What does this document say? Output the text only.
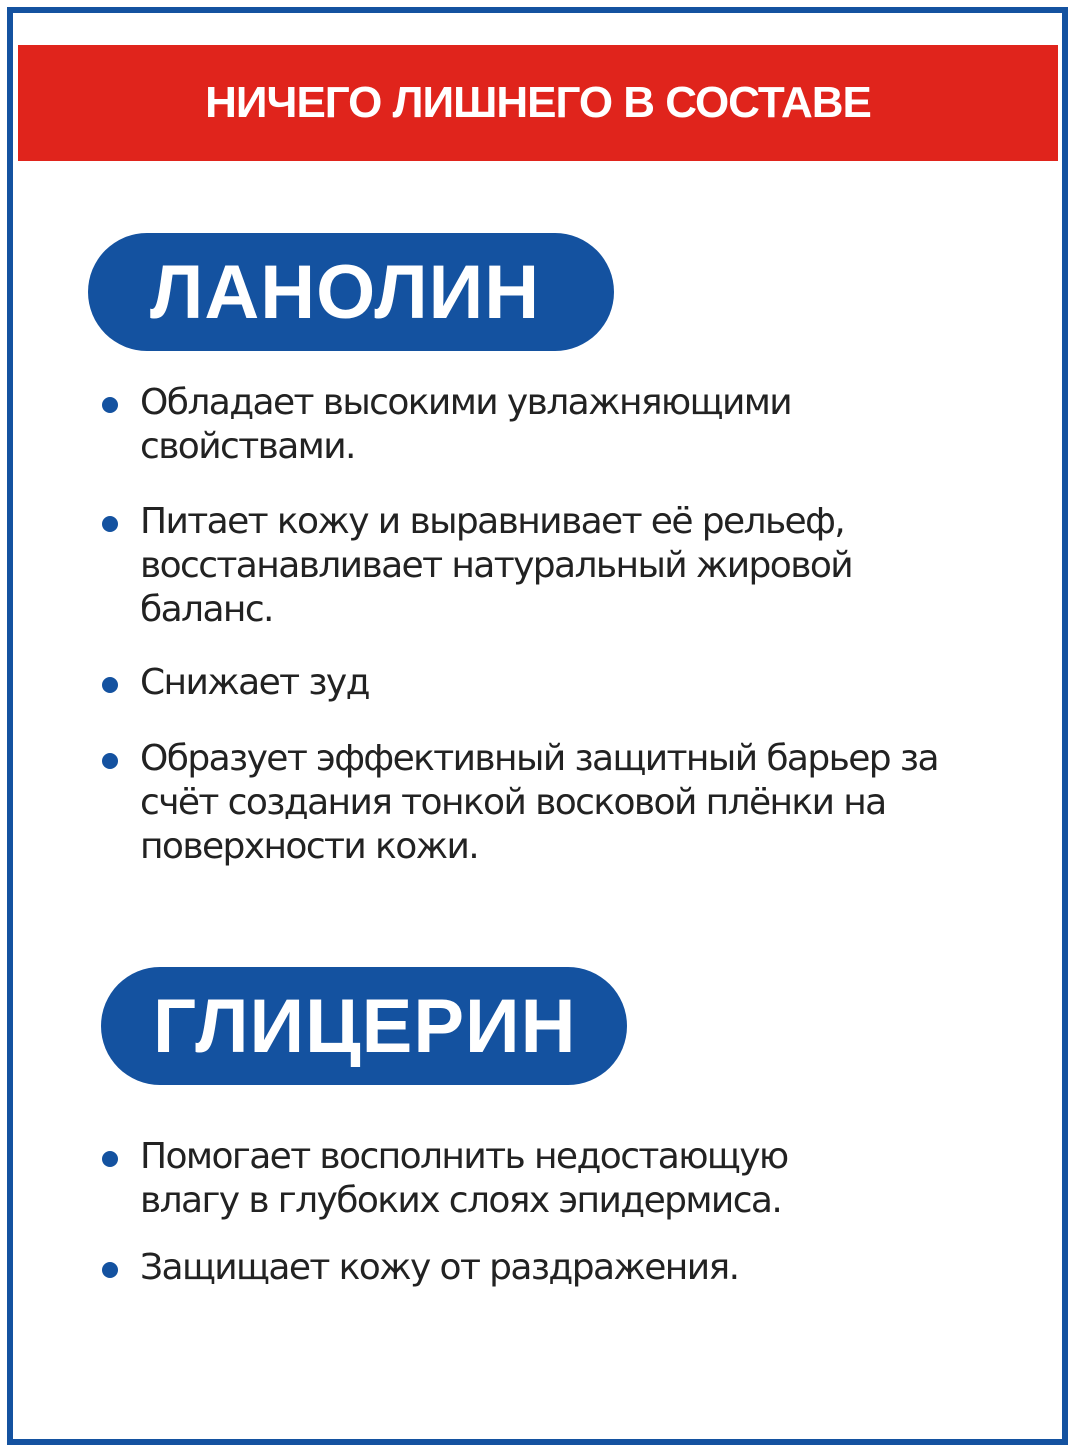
НИЧЕГО ЛИШНЕГО В СОСТАВЕ
ЛАНОЛИН
Обладает высокими увлажняющими свойствами.
Питает кожу и выравнивает её рельеф, восстанавливает натуральный жировой баланс.
Снижает зуд
Образует эффективный защитный барьер за счёт создания тонкой восковой плёнки на поверхности кожи.
ГЛИЦЕРИН
Помогает восполнить недостающую влагу в глубоких слоях эпидермиса.
Защищает кожу от раздражения.
